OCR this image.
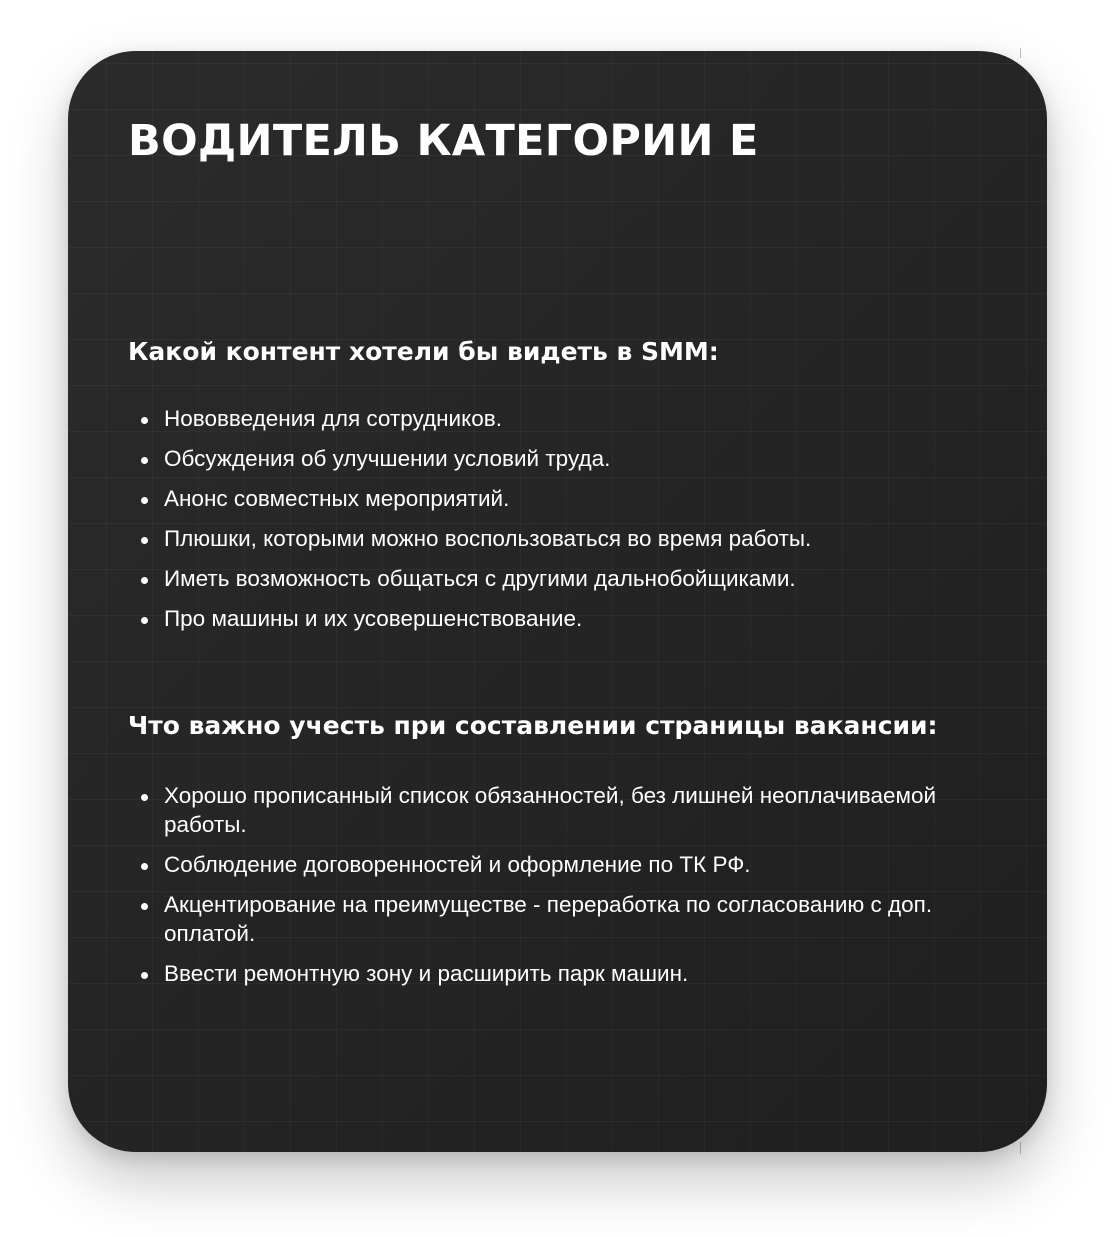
ВОДИТЕЛЬ КАТЕГОРИИ Е
Какой контент хотели бы видеть в SMM:
Нововведения для сотрудников.
Обсуждения об улучшении условий труда.
Анонс совместных мероприятий.
Плюшки, которыми можно воспользоваться во время работы.
Иметь возможность общаться с другими дальнобойщиками.
Про машины и их усовершенствование.
Что важно учесть при составлении страницы вакансии:
Хорошо прописанный список обязанностей, без лишней неоплачиваемой работы.
Соблюдение договоренностей и оформление по ТК РФ.
Акцентирование на преимуществе - переработка по согласованию с доп. оплатой.
Ввести ремонтную зону и расширить парк машин.
